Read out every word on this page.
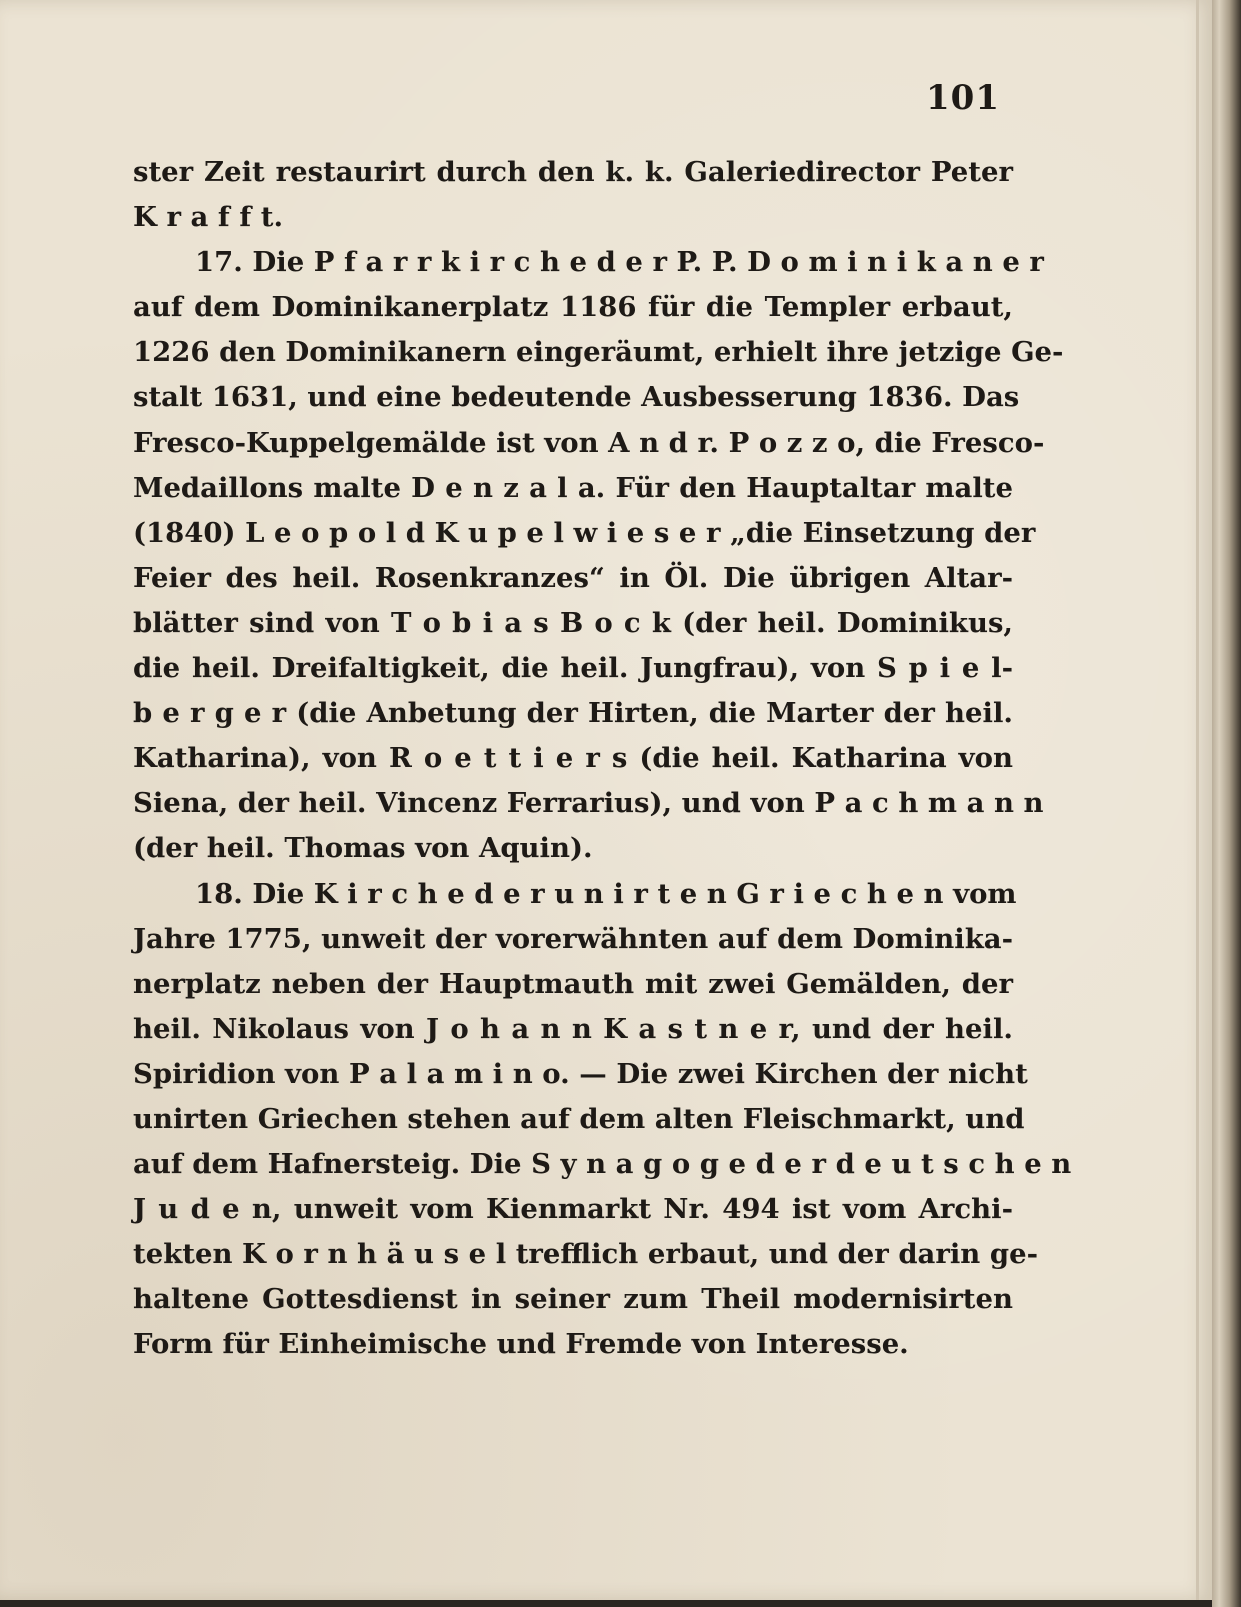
101
ster Zeit restaurirt durch den k. k. Galeriedirector Peter
K r a f f t.
17. Die P f a r r k i r c h e d e r P. P. D o m i n i k a n e r
auf dem Dominikanerplatz 1186 für die Templer erbaut,
1226 den Dominikanern eingeräumt, erhielt ihre jetzige Ge-
stalt 1631, und eine bedeutende Ausbesserung 1836. Das
Fresco-Kuppelgemälde ist von A n d r. P o z z o, die Fresco-
Medaillons malte D e n z a l a. Für den Hauptaltar malte
(1840) L e o p o l d K u p e l w i e s e r „die Einsetzung der
Feier des heil. Rosenkranzes“ in Öl. Die übrigen Altar-
blätter sind von T o b i a s B o c k (der heil. Dominikus,
die heil. Dreifaltigkeit, die heil. Jungfrau), von S p i e l-
b e r g e r (die Anbetung der Hirten, die Marter der heil.
Katharina), von R o e t t i e r s (die heil. Katharina von
Siena, der heil. Vincenz Ferrarius), und von P a c h m a n n
(der heil. Thomas von Aquin).
18. Die K i r c h e d e r u n i r t e n G r i e c h e n vom
Jahre 1775, unweit der vorerwähnten auf dem Dominika-
nerplatz neben der Hauptmauth mit zwei Gemälden, der
heil. Nikolaus von J o h a n n K a s t n e r, und der heil.
Spiridion von P a l a m i n o. — Die zwei Kirchen der nicht
unirten Griechen stehen auf dem alten Fleischmarkt, und
auf dem Hafnersteig. Die S y n a g o g e d e r d e u t s c h e n
J u d e n, unweit vom Kienmarkt Nr. 494 ist vom Archi-
tekten K o r n h ä u s e l trefflich erbaut, und der darin ge-
haltene Gottesdienst in seiner zum Theil modernisirten
Form für Einheimische und Fremde von Interesse.
